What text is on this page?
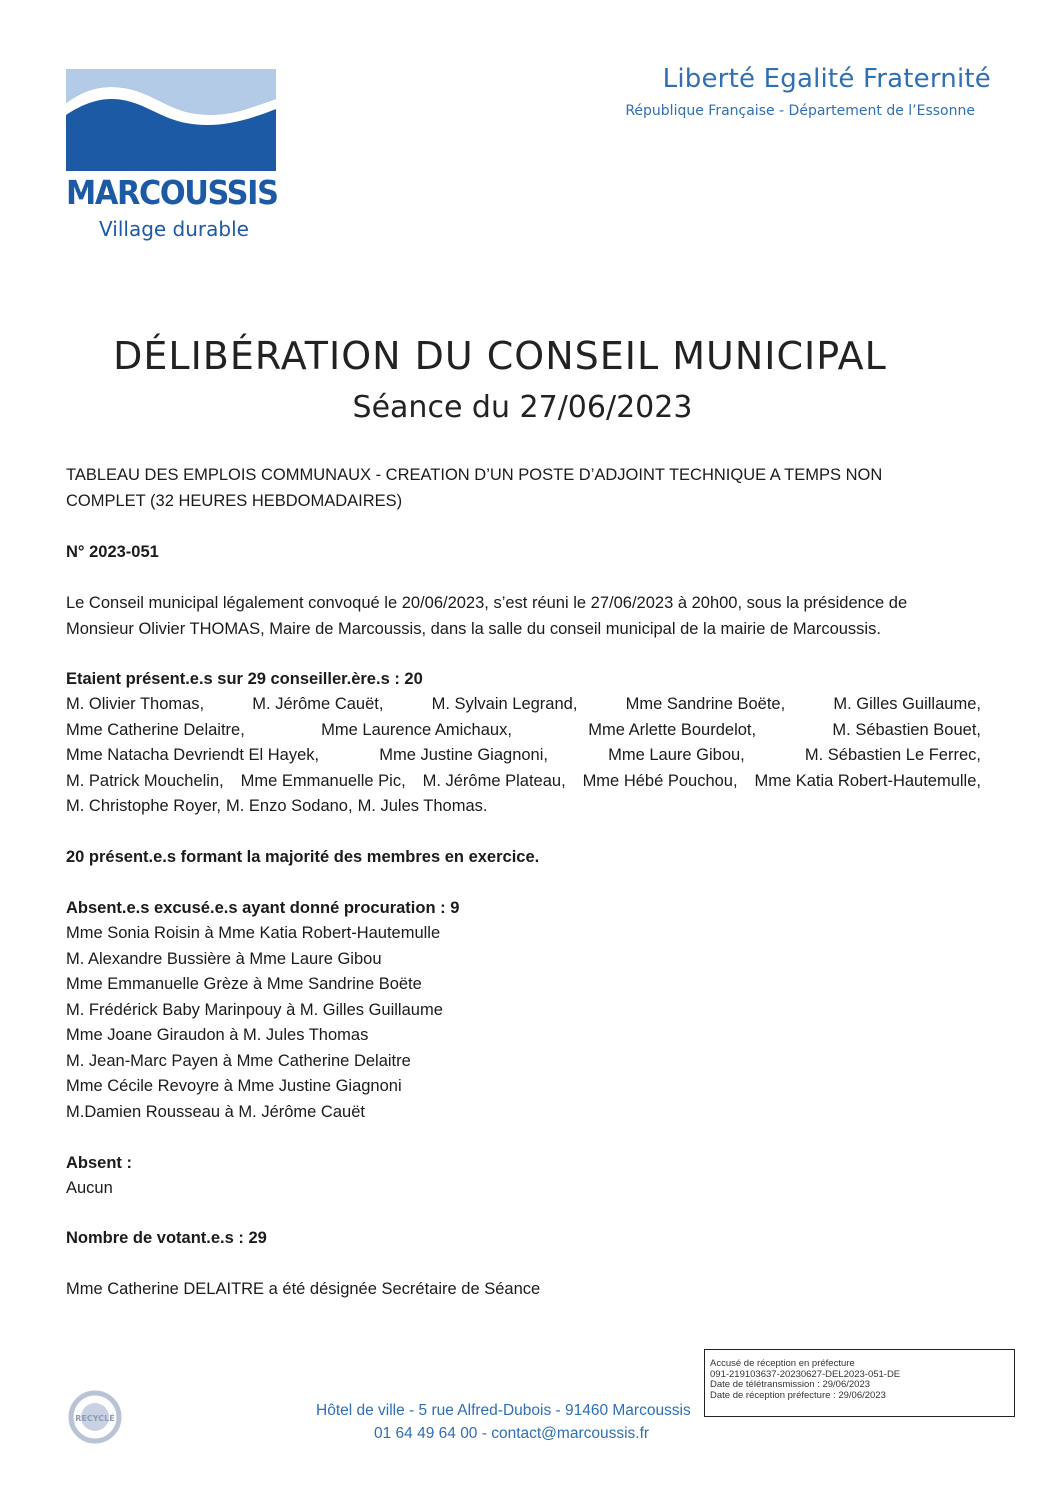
MARCOUSSIS
Village durable
Liberté Egalité Fraternité
République Française - Département de l’Essonne
DÉLIBÉRATION DU CONSEIL MUNICIPAL
Séance du 27/06/2023

TABLEAU DES EMPLOIS COMMUNAUX - CREATION D’UN POSTE D’ADJOINT TECHNIQUE A TEMPS NON

COMPLET (32 HEURES HEBDOMADAIRES)

N° 2023-051

Le Conseil municipal légalement convoqué le 20/06/2023, s’est réuni le 27/06/2023 à 20h00, sous la présidence de

Monsieur Olivier THOMAS, Maire de Marcoussis, dans la salle du conseil municipal de la mairie de Marcoussis.

Etaient présent.e.s sur 29 conseiller.ère.s : 20

M. Olivier Thomas,	M. Jérôme Cauët,	M. Sylvain Legrand,	Mme Sandrine Boëte,	M. Gilles Guillaume,

Mme Catherine Delaitre,	Mme Laurence Amichaux,	Mme Arlette Bourdelot,	M. Sébastien Bouet,

Mme Natacha Devriendt El Hayek,	Mme Justine Giagnoni,	Mme Laure Gibou,	M. Sébastien Le Ferrec,

M. Patrick Mouchelin, Mme Emmanuelle Pic, M. Jérôme Plateau, Mme Hébé Pouchou, Mme Katia Robert-Hautemulle,

M. Christophe Royer, M. Enzo Sodano, M. Jules Thomas.

20 présent.e.s formant la majorité des membres en exercice.
Absent.e.s excusé.e.s ayant donné procuration : 9

Mme Sonia Roisin à Mme Katia Robert-Hautemulle

M. Alexandre Bussière à Mme Laure Gibou

Mme Emmanuelle Grèze à Mme Sandrine Boëte

M. Frédérick Baby Marinpouy à M. Gilles Guillaume

Mme Joane Giraudon à M. Jules Thomas

M. Jean-Marc Payen à Mme Catherine Delaitre

Mme Cécile Revoyre à Mme Justine Giagnoni

M.Damien Rousseau à M. Jérôme Cauët

Absent :
Aucun
Nombre de votant.e.s : 29
Mme Catherine DELAITRE a été désignée Secrétaire de Séance
Accusé de réception en préfecture
091-219103637-20230627-DEL2023-051-DE
Date de télétransmission : 29/06/2023
Date de réception préfecture : 29/06/2023
RECYCLÉ	Hôtel de ville - 5 rue Alfred-Dubois - 91460 Marcoussis
01 64 49 64 00 - contact@marcoussis.fr
